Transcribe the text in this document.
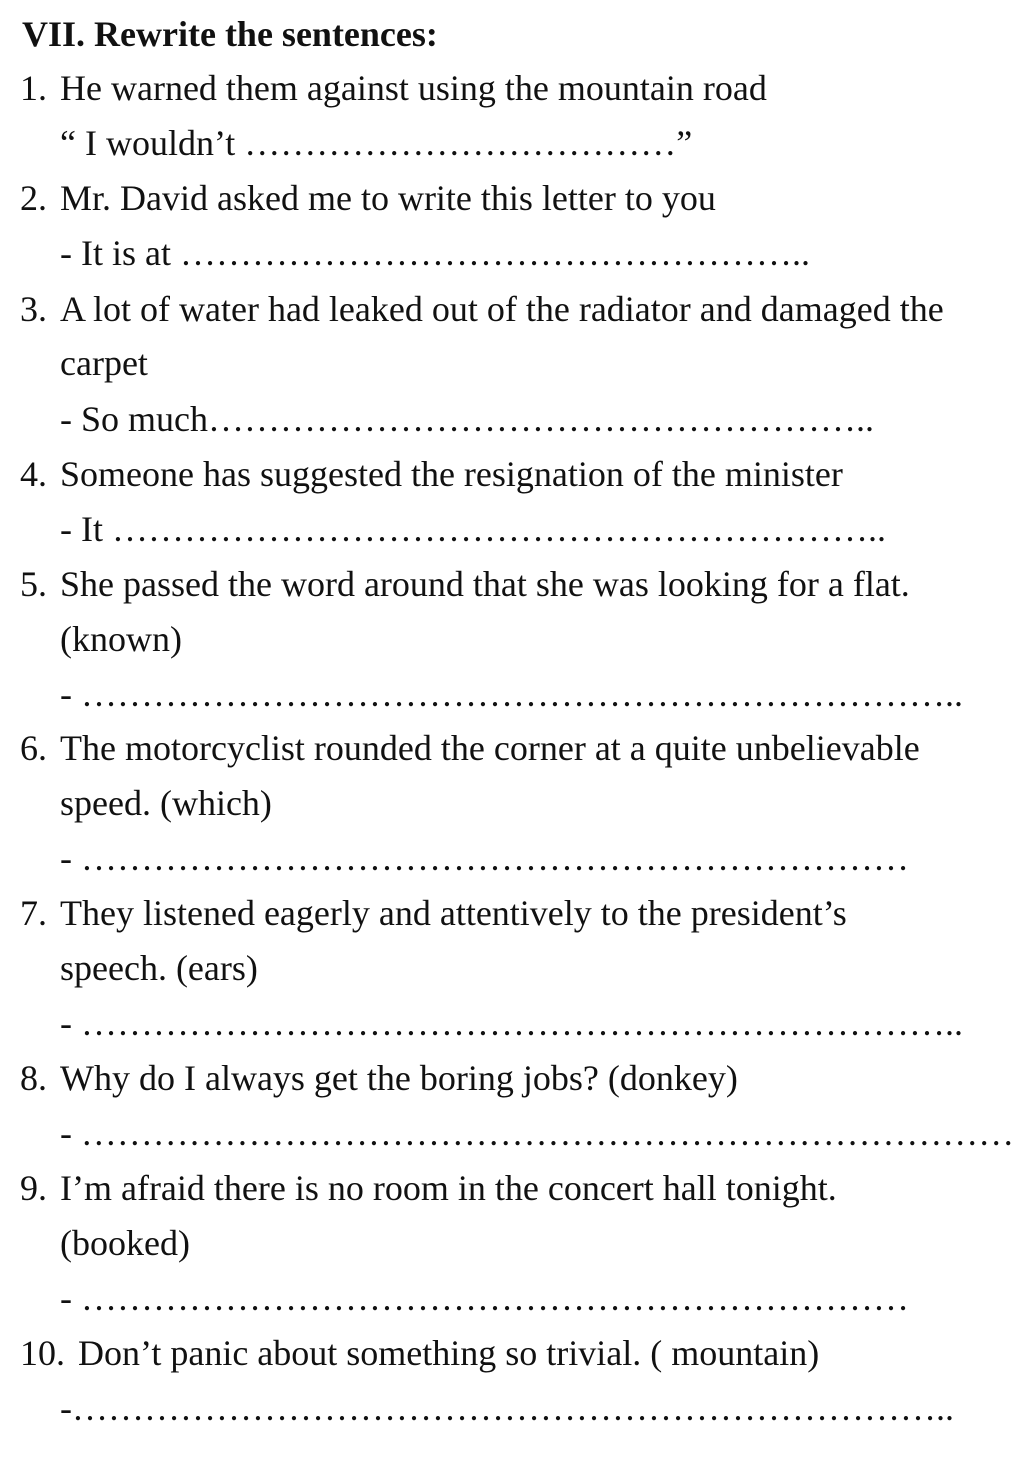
VII. Rewrite the sentences:
1. He warned them against using the mountain road
“ I wouldn’t ………………………………”
2. Mr. David asked me to write this letter to you
- It is at ……………………………………………..
3. A lot of water had leaked out of the radiator and damaged the
carpet
- So much………………………………………………..
4. Someone has suggested the resignation of the minister
- It ………………………………………………………..
5. She passed the word around that she was looking for a flat.
(known)
- ………………………………………………………………..
6. The motorcyclist rounded the corner at a quite unbelievable
speed. (which)
- ……………………………………………………………
7. They listened eagerly and attentively to the president’s
speech. (ears)
- ………………………………………………………………..
8. Why do I always get the boring jobs? (donkey)
- ……………………………………………………………………
9. I’m afraid there is no room in the concert hall tonight.
(booked)
- ……………………………………………………………
10. Don’t panic about something so trivial. ( mountain)
-………………………………………………………………..
